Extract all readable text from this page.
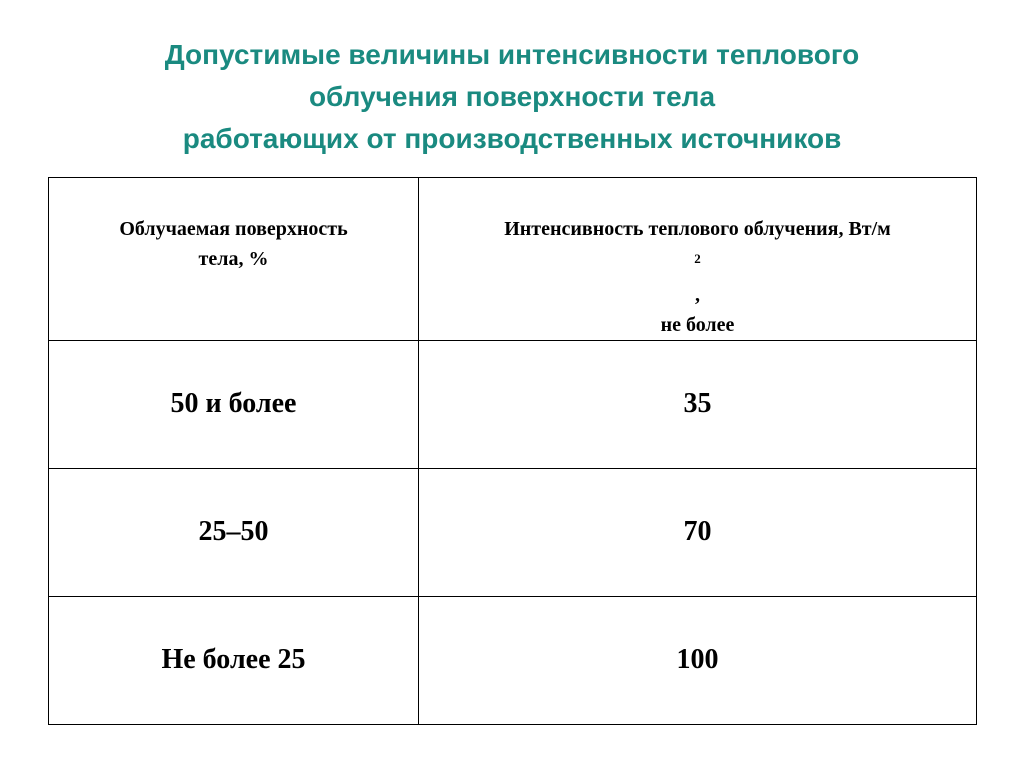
Допустимые величины интенсивности теплового
облучения поверхности тела
работающих от производственных источников
Облучаемая поверхность
тела, %	Интенсивность теплового облучения, Вт/м
$^2$
,
не более

50 и более	35
25–50	70
Не более 25	100
